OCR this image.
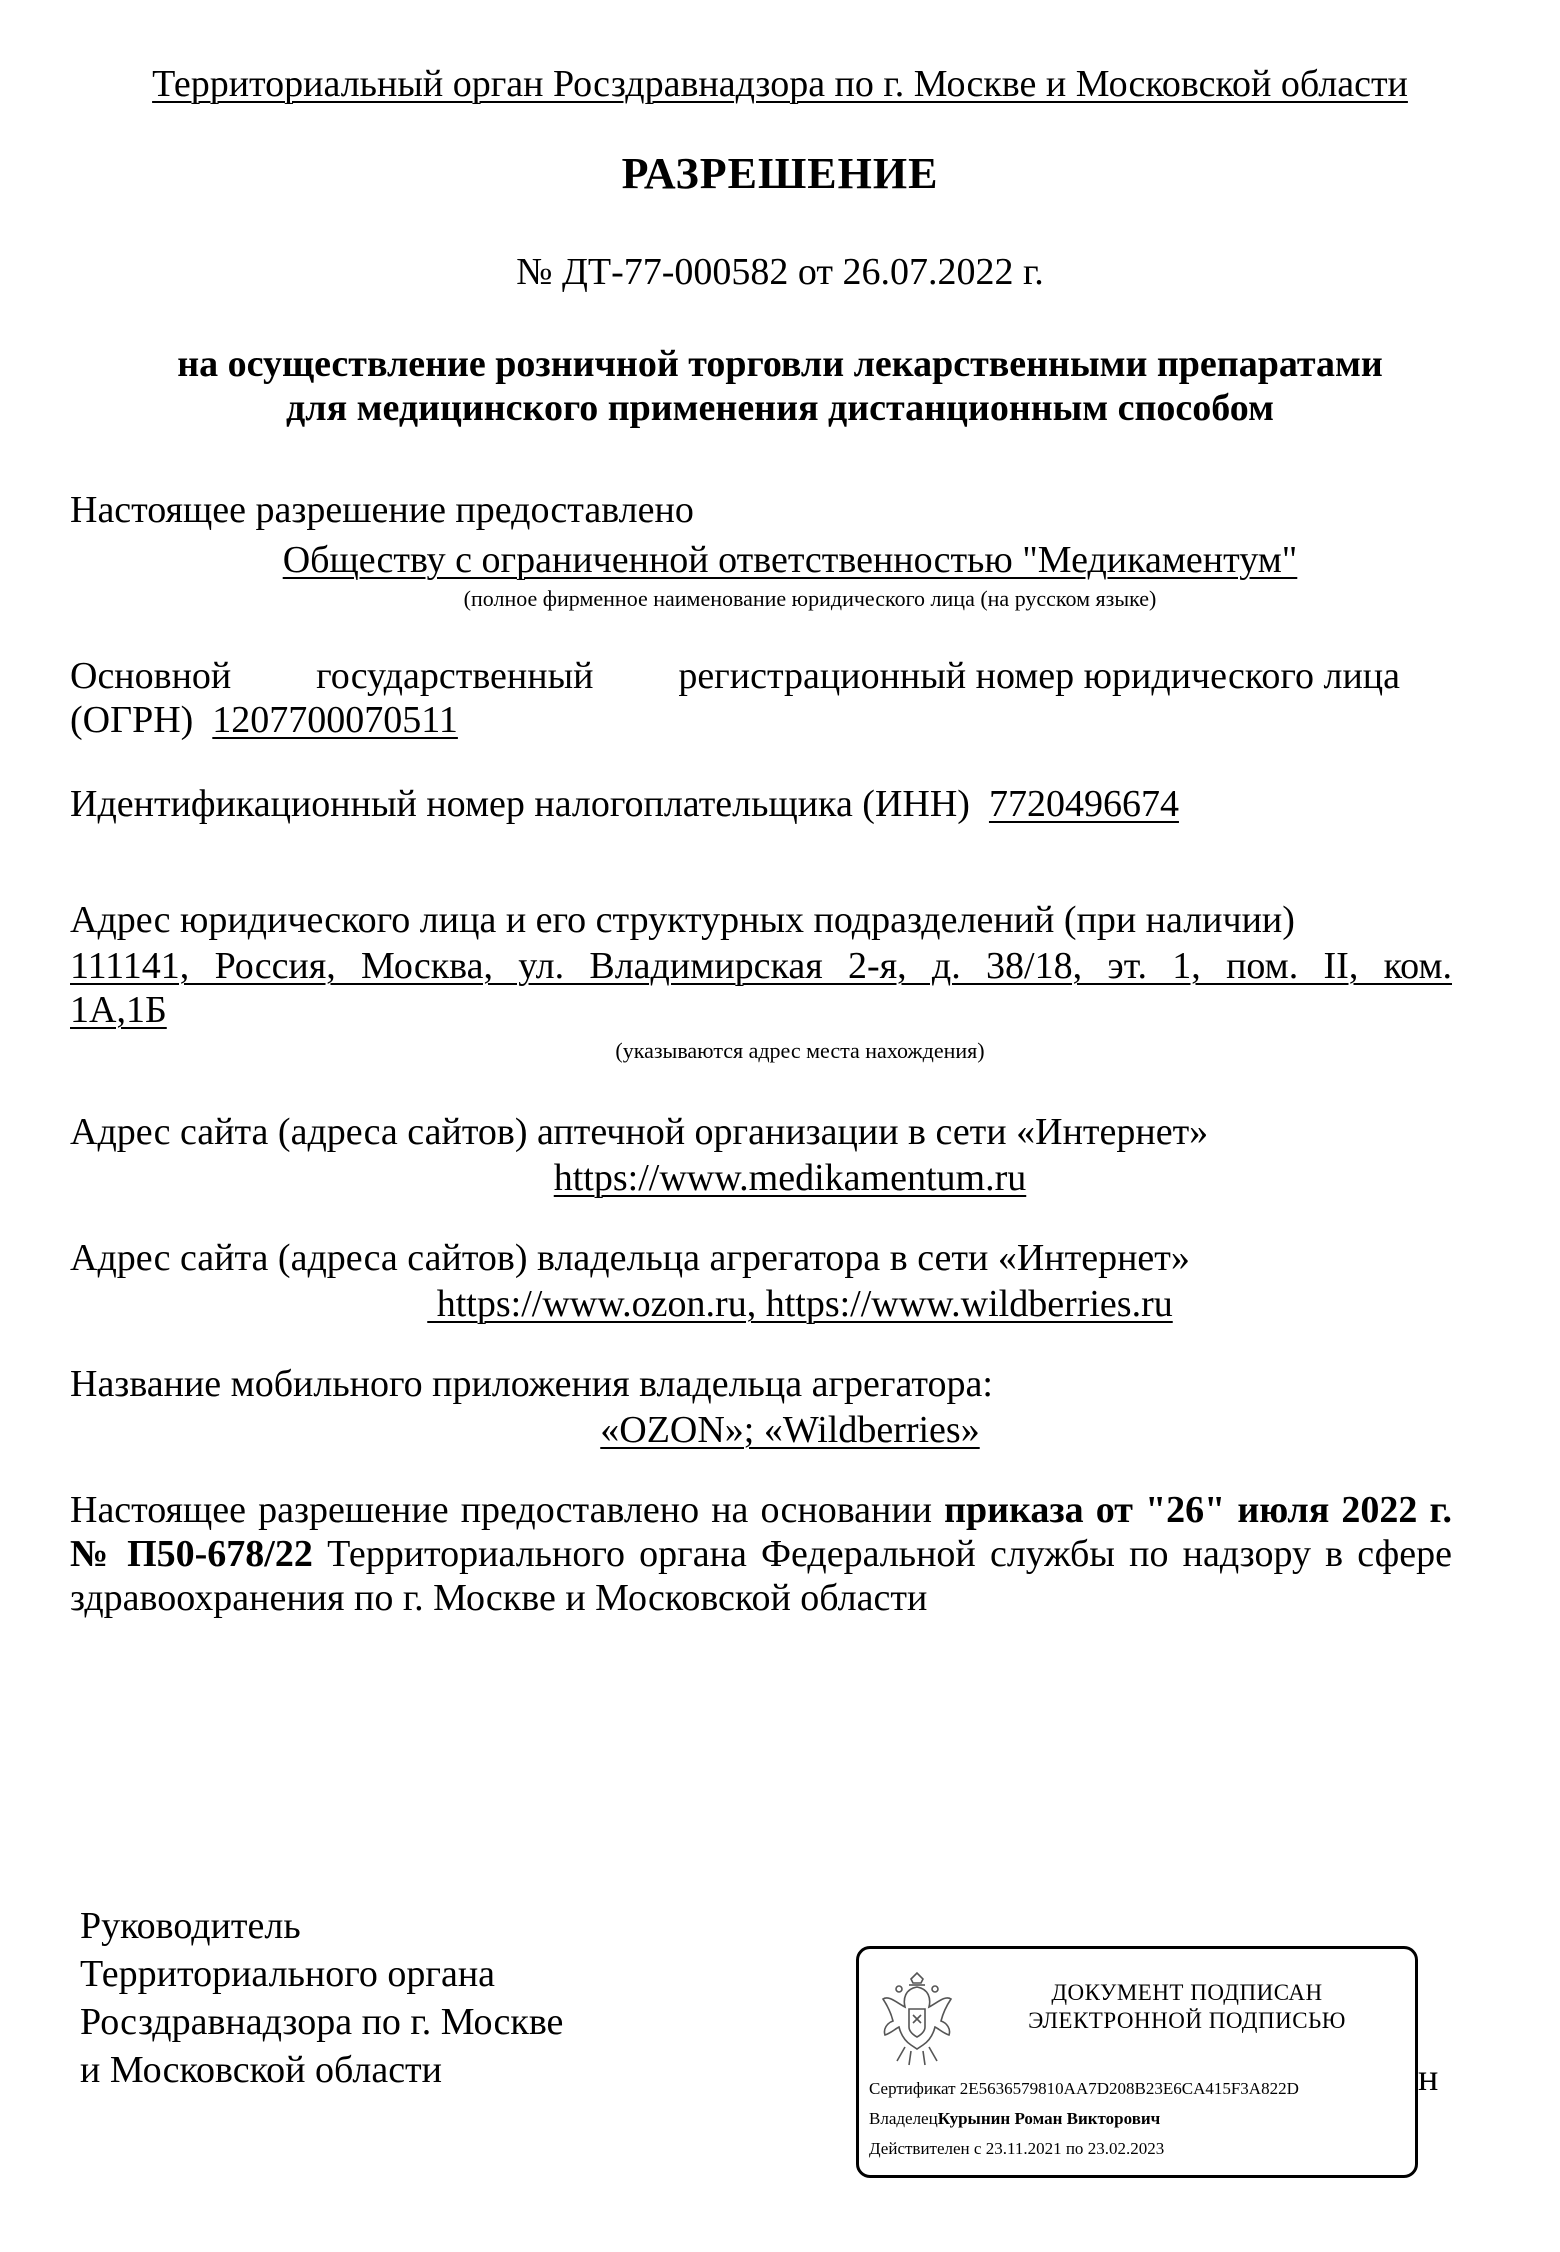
Территориальный орган Росздравнадзора по г. Москве и Московской области
РАЗРЕШЕНИЕ
№ ДТ-77-000582 от 26.07.2022 г.
на осуществление розничной торговли лекарственными препаратами
для медицинского применения дистанционным способом
Настоящее разрешение предоставлено
Обществу с ограниченной ответственностью "Медикаментум"
(полное фирменное наименование юридического лица (на русском языке)
Основной государственный регистрационный номер юридического лица
(ОГРН) 1207700070511
Идентификационный номер налогоплательщика (ИНН) 7720496674
Адрес юридического лица и его структурных подразделений (при наличии)
111141, Россия, Москва, ул. Владимирская 2-я, д. 38/18, эт. 1, пом. II, ком.
1А,1Б
(указываются адрес места нахождения)
Адрес сайта (адреса сайтов) аптечной организации в сети «Интернет»
https://www.medikamentum.ru
Адрес сайта (адреса сайтов) владельца агрегатора в сети «Интернет»
https://www.ozon.ru, https://www.wildberries.ru
Название мобильного приложения владельца агрегатора:
«OZON»; «Wildberries»
Настоящее разрешение предоставлено на основании приказа от "26" июля 2022 г. № П50-678/22 Территориального органа Федеральной службы по надзору в сфере здравоохранения по г. Москве и Московской области
Руководитель
Территориального органа
Росздравнадзора по г. Москве
и Московской области	н
ДОКУМЕНТ ПОДПИСАН
ЭЛЕКТРОННОЙ ПОДПИСЬЮ
Сертификат 2E5636579810AA7D208B23E6CA415F3A822D
ВладелецКурынин Роман Викторович
Действителен с 23.11.2021 по 23.02.2023
